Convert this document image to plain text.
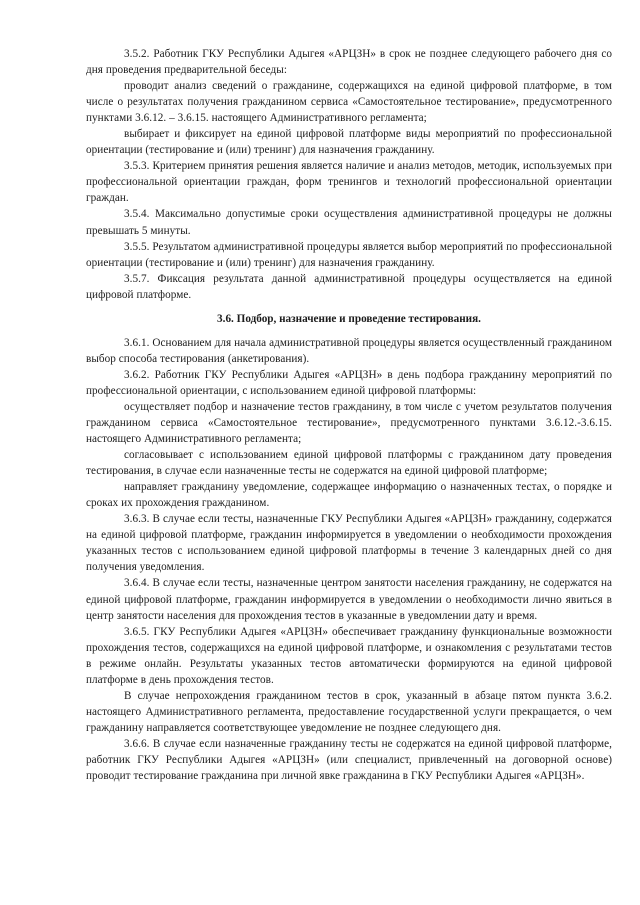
3.5.2. Работник ГКУ Республики Адыгея «АРЦЗН» в срок не позднее следующего рабочего дня со дня проведения предварительной беседы:

проводит анализ сведений о гражданине, содержащихся на единой цифровой платформе, в том числе о результатах получения гражданином сервиса «Самостоятельное тестирование», предусмотренного пунктами 3.6.12. – 3.6.15. настоящего Административного регламента;

выбирает и фиксирует на единой цифровой платформе виды мероприятий по профессиональной ориентации (тестирование и (или) тренинг) для назначения гражданину.

3.5.3. Критерием принятия решения является наличие и анализ методов, методик, используемых при профессиональной ориентации граждан, форм тренингов и технологий профессиональной ориентации граждан.

3.5.4. Максимально допустимые сроки осуществления административной процедуры не должны превышать 5 минуты.

3.5.5. Результатом административной процедуры является выбор мероприятий по профессиональной ориентации (тестирование и (или) тренинг) для назначения гражданину.

3.5.7. Фиксация результата данной административной процедуры осуществляется на единой цифровой платформе.

3.6. Подбор, назначение и проведение тестирования.

3.6.1. Основанием для начала административной процедуры является осуществленный гражданином выбор способа тестирования (анкетирования).

3.6.2. Работник ГКУ Республики Адыгея «АРЦЗН» в день подбора гражданину мероприятий по профессиональной ориентации, с использованием единой цифровой платформы:

осуществляет подбор и назначение тестов гражданину, в том числе с учетом результатов получения гражданином сервиса «Самостоятельное тестирование», предусмотренного пунктами 3.6.12.-3.6.15. настоящего Административного регламента;

согласовывает с использованием единой цифровой платформы с гражданином дату проведения тестирования, в случае если назначенные тесты не содержатся на единой цифровой платформе;

направляет гражданину уведомление, содержащее информацию о назначенных тестах, о порядке и сроках их прохождения гражданином.

3.6.3. В случае если тесты, назначенные ГКУ Республики Адыгея «АРЦЗН» гражданину, содержатся на единой цифровой платформе, гражданин информируется в уведомлении о необходимости прохождения указанных тестов с использованием единой цифровой платформы в течение 3 календарных дней со дня получения уведомления.

3.6.4. В случае если тесты, назначенные центром занятости населения гражданину, не содержатся на единой цифровой платформе, гражданин информируется в уведомлении о необходимости лично явиться в центр занятости населения для прохождения тестов в указанные в уведомлении дату и время.

3.6.5. ГКУ Республики Адыгея «АРЦЗН» обеспечивает гражданину функциональные возможности прохождения тестов, содержащихся на единой цифровой платформе, и ознакомления с результатами тестов в режиме онлайн. Результаты указанных тестов автоматически формируются на единой цифровой платформе в день прохождения тестов.

В случае непрохождения гражданином тестов в срок, указанный в абзаце пятом пункта 3.6.2. настоящего Административного регламента, предоставление государственной услуги прекращается, о чем гражданину направляется соответствующее уведомление не позднее следующего дня.

3.6.6. В случае если назначенные гражданину тесты не содержатся на единой цифровой платформе, работник ГКУ Республики Адыгея «АРЦЗН» (или специалист, привлеченный на договорной основе) проводит тестирование гражданина при личной явке гражданина в ГКУ Республики Адыгея «АРЦЗН».
